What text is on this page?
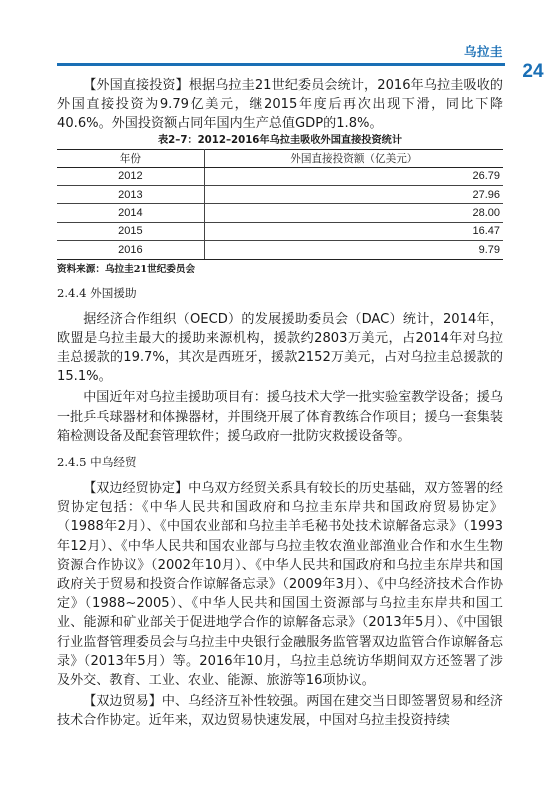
乌拉圭
24

【外国直接投资】根据乌拉圭21世纪委员会统计，2016年乌拉圭吸收的外国直接投资为9.79亿美元，继2015年度后再次出现下滑，同比下降40.6%。外国投资额占同年国内生产总值GDP的1.8%。

表2–7：2012–2016年乌拉圭吸收外国直接投资统计
年份	外国直接投资额（亿美元）
2012	26.79
2013	27.96
2014	28.00
2015	16.47
2016	9.79
资料来源：乌拉圭21世纪委员会
2.4.4 外国援助

据经济合作组织（OECD）的发展援助委员会（DAC）统计，2014年，欧盟是乌拉圭最大的援助来源机构，援款约2803万美元，占2014年对乌拉圭总援款的19.7%，其次是西班牙，援款2152万美元，占对乌拉圭总援款的15.1%。

中国近年对乌拉圭援助项目有：援乌技术大学一批实验室教学设备；援乌一批乒乓球器材和体操器材，并围绕开展了体育教练合作项目；援乌一套集装箱检测设备及配套管理软件；援乌政府一批防灾救援设备等。

2.4.5 中乌经贸

【双边经贸协定】中乌双方经贸关系具有较长的历史基础，双方签署的经贸协定包括：《中华人民共和国政府和乌拉圭东岸共和国政府贸易协定》（1988年2月）、《中国农业部和乌拉圭羊毛秘书处技术谅解备忘录》（1993年12月）、《中华人民共和国农业部与乌拉圭牧农渔业部渔业合作和水生生物资源合作协议》（2002年10月）、《中华人民共和国政府和乌拉圭东岸共和国政府关于贸易和投资合作谅解备忘录》（2009年3月）、《中乌经济技术合作协定》（1988~2005）、《中华人民共和国国土资源部与乌拉圭东岸共和国工业、能源和矿业部关于促进地学合作的谅解备忘录》（2013年5月）、《中国银行业监督管理委员会与乌拉圭中央银行金融服务监管署双边监管合作谅解备忘录》（2013年5月）等。2016年10月，乌拉圭总统访华期间双方还签署了涉及外交、教育、工业、农业、能源、旅游等16项协议。

【双边贸易】中、乌经济互补性较强。两国在建交当日即签署贸易和经济技术合作协定。近年来，双边贸易快速发展，中国对乌拉圭投资持续
